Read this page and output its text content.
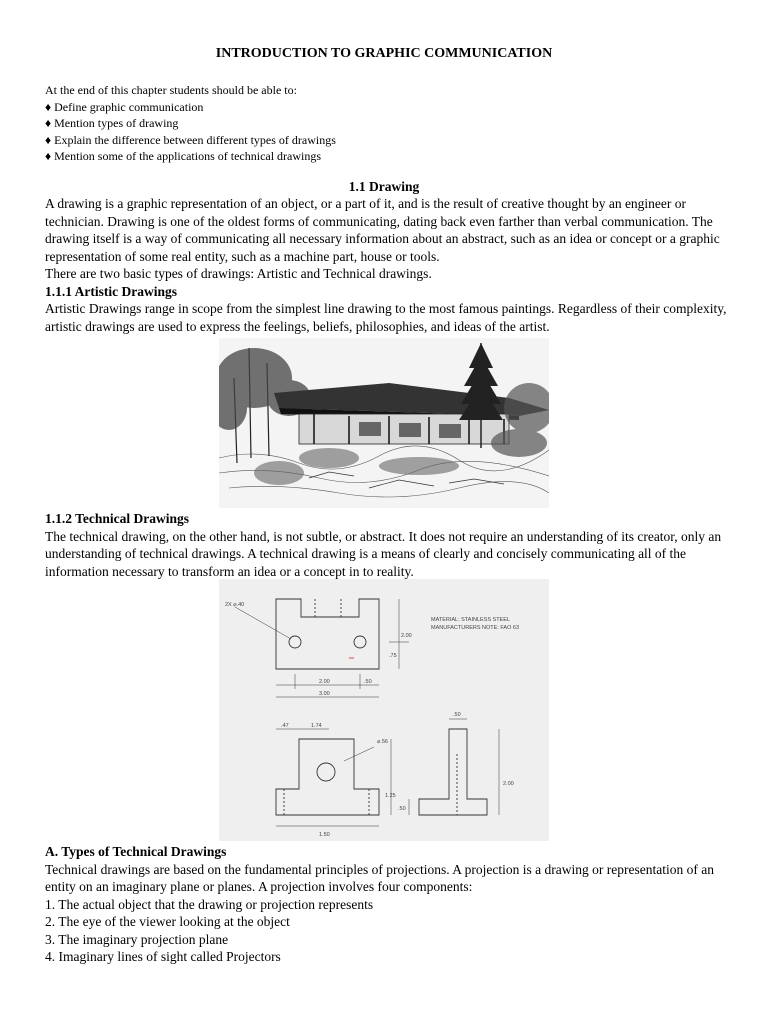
INTRODUCTION TO GRAPHIC COMMUNICATION
At the end of this chapter students should be able to:
♦ Define graphic communication
♦ Mention types of drawing
♦ Explain the difference between different types of drawings
♦ Mention some of the applications of technical drawings
1.1 Drawing

A drawing is a graphic representation of an object, or a part of it, and is the result of creative thought by an engineer or technician. Drawing is one of the oldest forms of communicating, dating back even farther than verbal communication. The drawing itself is a way of communicating all necessary information about an abstract, such as an idea or concept or a graphic representation of some real entity, such as a machine part, house or tools.

There are two basic types of drawings: Artistic and Technical drawings.

1.1.1 Artistic Drawings

Artistic Drawings range in scope from the simplest line drawing to the most famous paintings. Regardless of their complexity, artistic drawings are used to express the feelings, beliefs, philosophies, and ideas of the artist.

1.1.2 Technical Drawings

The technical drawing, on the other hand, is not subtle, or abstract. It does not require an understanding of its creator, only an understanding of technical drawings. A technical drawing is a means of clearly and concisely communicating all of the information necessary to transform an idea or a concept in to reality.

MATERIAL: STAINLESS STEEL
MANUFACTURERS NOTE: FAO 63
2X ⌀.40
2.00
.75
2.00	.50
3.00
.47	1.74
⌀.56
1.25
1.50
2.00
.50
.50

A. Types of Technical Drawings

Technical drawings are based on the fundamental principles of projections. A projection is a drawing or representation of an entity on an imaginary plane or planes. A projection involves four components:

1. The actual object that the drawing or projection represents
2. The eye of the viewer looking at the object
3. The imaginary projection plane
4. Imaginary lines of sight called Projectors
